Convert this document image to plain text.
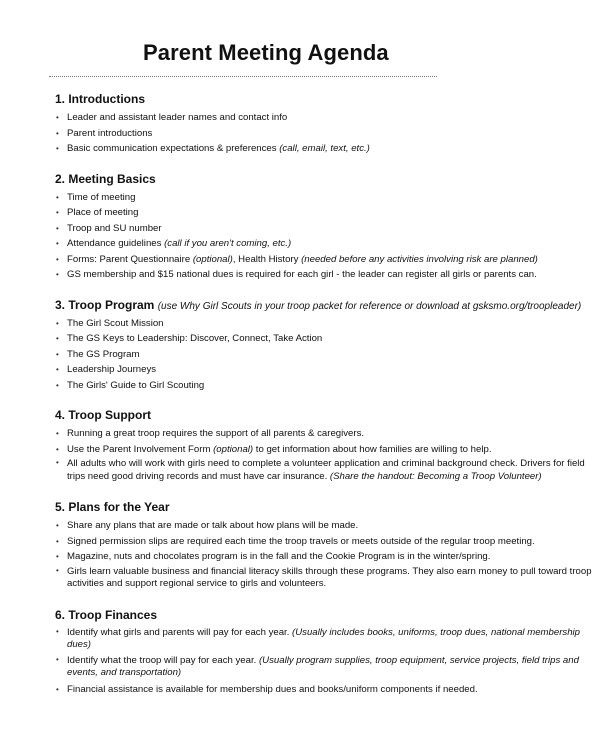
Parent Meeting Agenda
1. Introductions
• Leader and assistant leader names and contact info
• Parent introductions
• Basic communication expectations & preferences (call, email, text, etc.)
2. Meeting Basics
• Time of meeting
• Place of meeting
• Troop and SU number
• Attendance guidelines (call if you aren't coming, etc.)
• Forms: Parent Questionnaire (optional), Health History (needed before any activities involving risk are planned)
• GS membership and $15 national dues is required for each girl - the leader can register all girls or parents can.
3. Troop Program (use Why Girl Scouts in your troop packet for reference or download at gsksmo.org/troopleader)
• The Girl Scout Mission
• The GS Keys to Leadership: Discover, Connect, Take Action
• The GS Program
• Leadership Journeys
• The Girls' Guide to Girl Scouting
4. Troop Support
• Running a great troop requires the support of all parents & caregivers.
• Use the Parent Involvement Form (optional) to get information about how families are willing to help.
• All adults who will work with girls need to complete a volunteer application and criminal background check. Drivers for field trips need good driving records and must have car insurance. (Share the handout: Becoming a Troop Volunteer)
5. Plans for the Year
• Share any plans that are made or talk about how plans will be made.
• Signed permission slips are required each time the troop travels or meets outside of the regular troop meeting.
• Magazine, nuts and chocolates program is in the fall and the Cookie Program is in the winter/spring.
• Girls learn valuable business and financial literacy skills through these programs. They also earn money to pull toward troop activities and support regional service to girls and volunteers.
6. Troop Finances
• Identify what girls and parents will pay for each year. (Usually includes books, uniforms, troop dues, national membership dues)
• Identify what the troop will pay for each year. (Usually program supplies, troop equipment, service projects, field trips and events, and transportation)
• Financial assistance is available for membership dues and books/uniform components if needed.
